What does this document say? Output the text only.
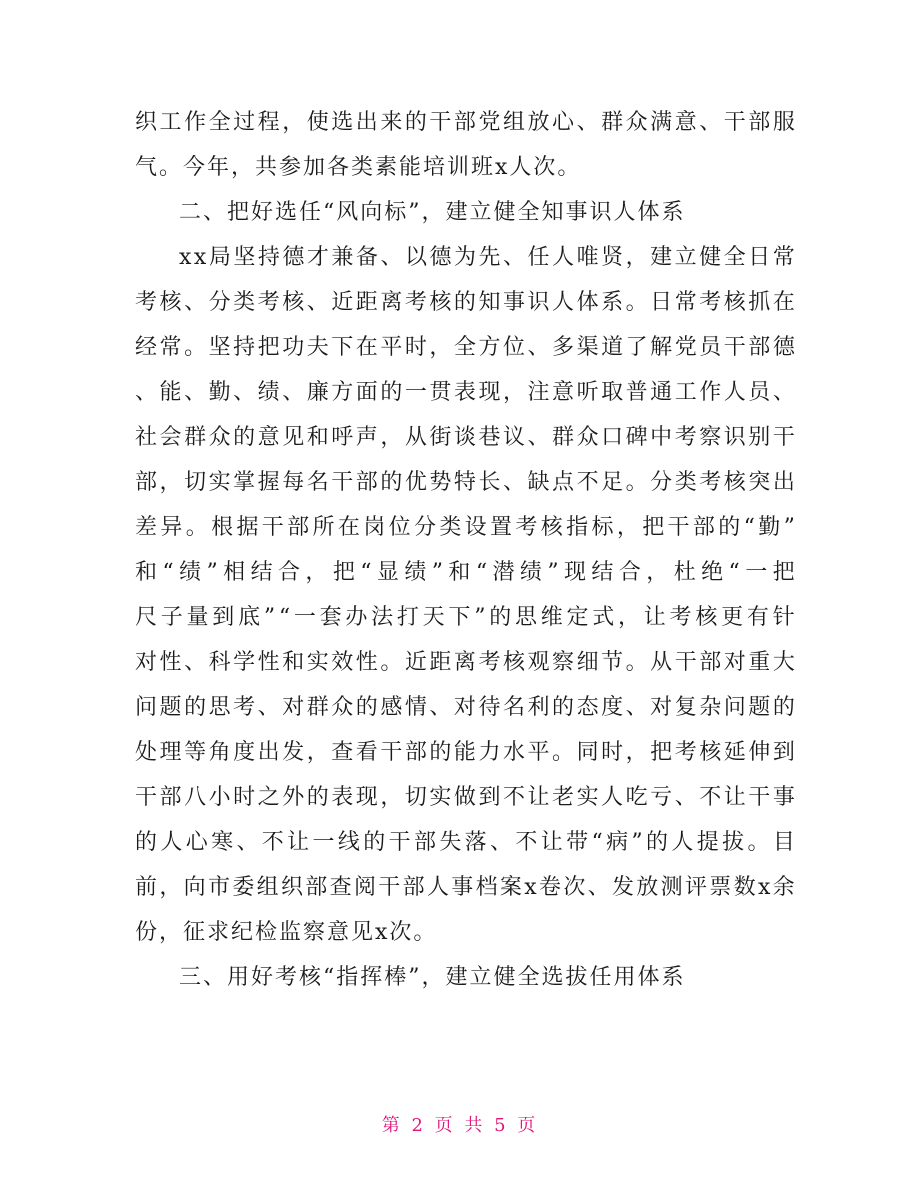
织 工 作 全 过 程 ， 使 选 出 来 的 干 部 党 组 放 心 、 群 众 满 意 、 干 部 服
气。今年，共参加各类素能培训班x人次。
二、把好选任“风向标”，建立健全知事识人体系
x x 局 坚 持 德 才 兼 备 、 以 德 为 先 、 任 人 唯 贤 ， 建 立 健 全 日 常
考 核 、 分 类 考 核 、 近 距 离 考 核 的 知 事 识 人 体 系 。 日 常 考 核 抓 在
经 常 。 坚 持 把 功 夫 下 在 平 时 ， 全 方 位 、 多 渠 道 了 解 党 员 干 部 德
、 能 、 勤 、 绩 、 廉 方 面 的 一 贯 表 现 ， 注 意 听 取 普 通 工 作 人 员 、
社 会 群 众 的 意 见 和 呼 声 ， 从 街 谈 巷 议 、 群 众 口 碑 中 考 察 识 别 干
部 ， 切 实 掌 握 每 名 干 部 的 优 势 特 长 、 缺 点 不 足 。 分 类 考 核 突 出
差 异 。 根 据 干 部 所 在 岗 位 分 类 设 置 考 核 指 标 ， 把 干 部 的 “ 勤 ”
和 “ 绩 ” 相 结 合 ， 把 “ 显 绩 ” 和 “ 潜 绩 ” 现 结 合 ， 杜 绝 “ 一 把
尺 子 量 到 底 ” “ 一 套 办 法 打 天 下 ” 的 思 维 定 式 ， 让 考 核 更 有 针
对 性 、 科 学 性 和 实 效 性 。 近 距 离 考 核 观 察 细 节 。 从 干 部 对 重 大
问 题 的 思 考 、 对 群 众 的 感 情 、 对 待 名 利 的 态 度 、 对 复 杂 问 题 的
处 理 等 角 度 出 发 ， 查 看 干 部 的 能 力 水 平 。 同 时 ， 把 考 核 延 伸 到
干 部 八 小 时 之 外 的 表 现 ， 切 实 做 到 不 让 老 实 人 吃 亏 、 不 让 干 事
的 人 心 寒 、 不 让 一 线 的 干 部 失 落 、 不 让 带 “ 病 ” 的 人 提 拔 。 目
前 ， 向 市 委 组 织 部 查 阅 干 部 人 事 档 案 x 卷 次 、 发 放 测 评 票 数 x 余
份，征求纪检监察意见x次。
三、用好考核“指挥棒”，建立健全选拔任用体系
第 2 页 共 5 页
